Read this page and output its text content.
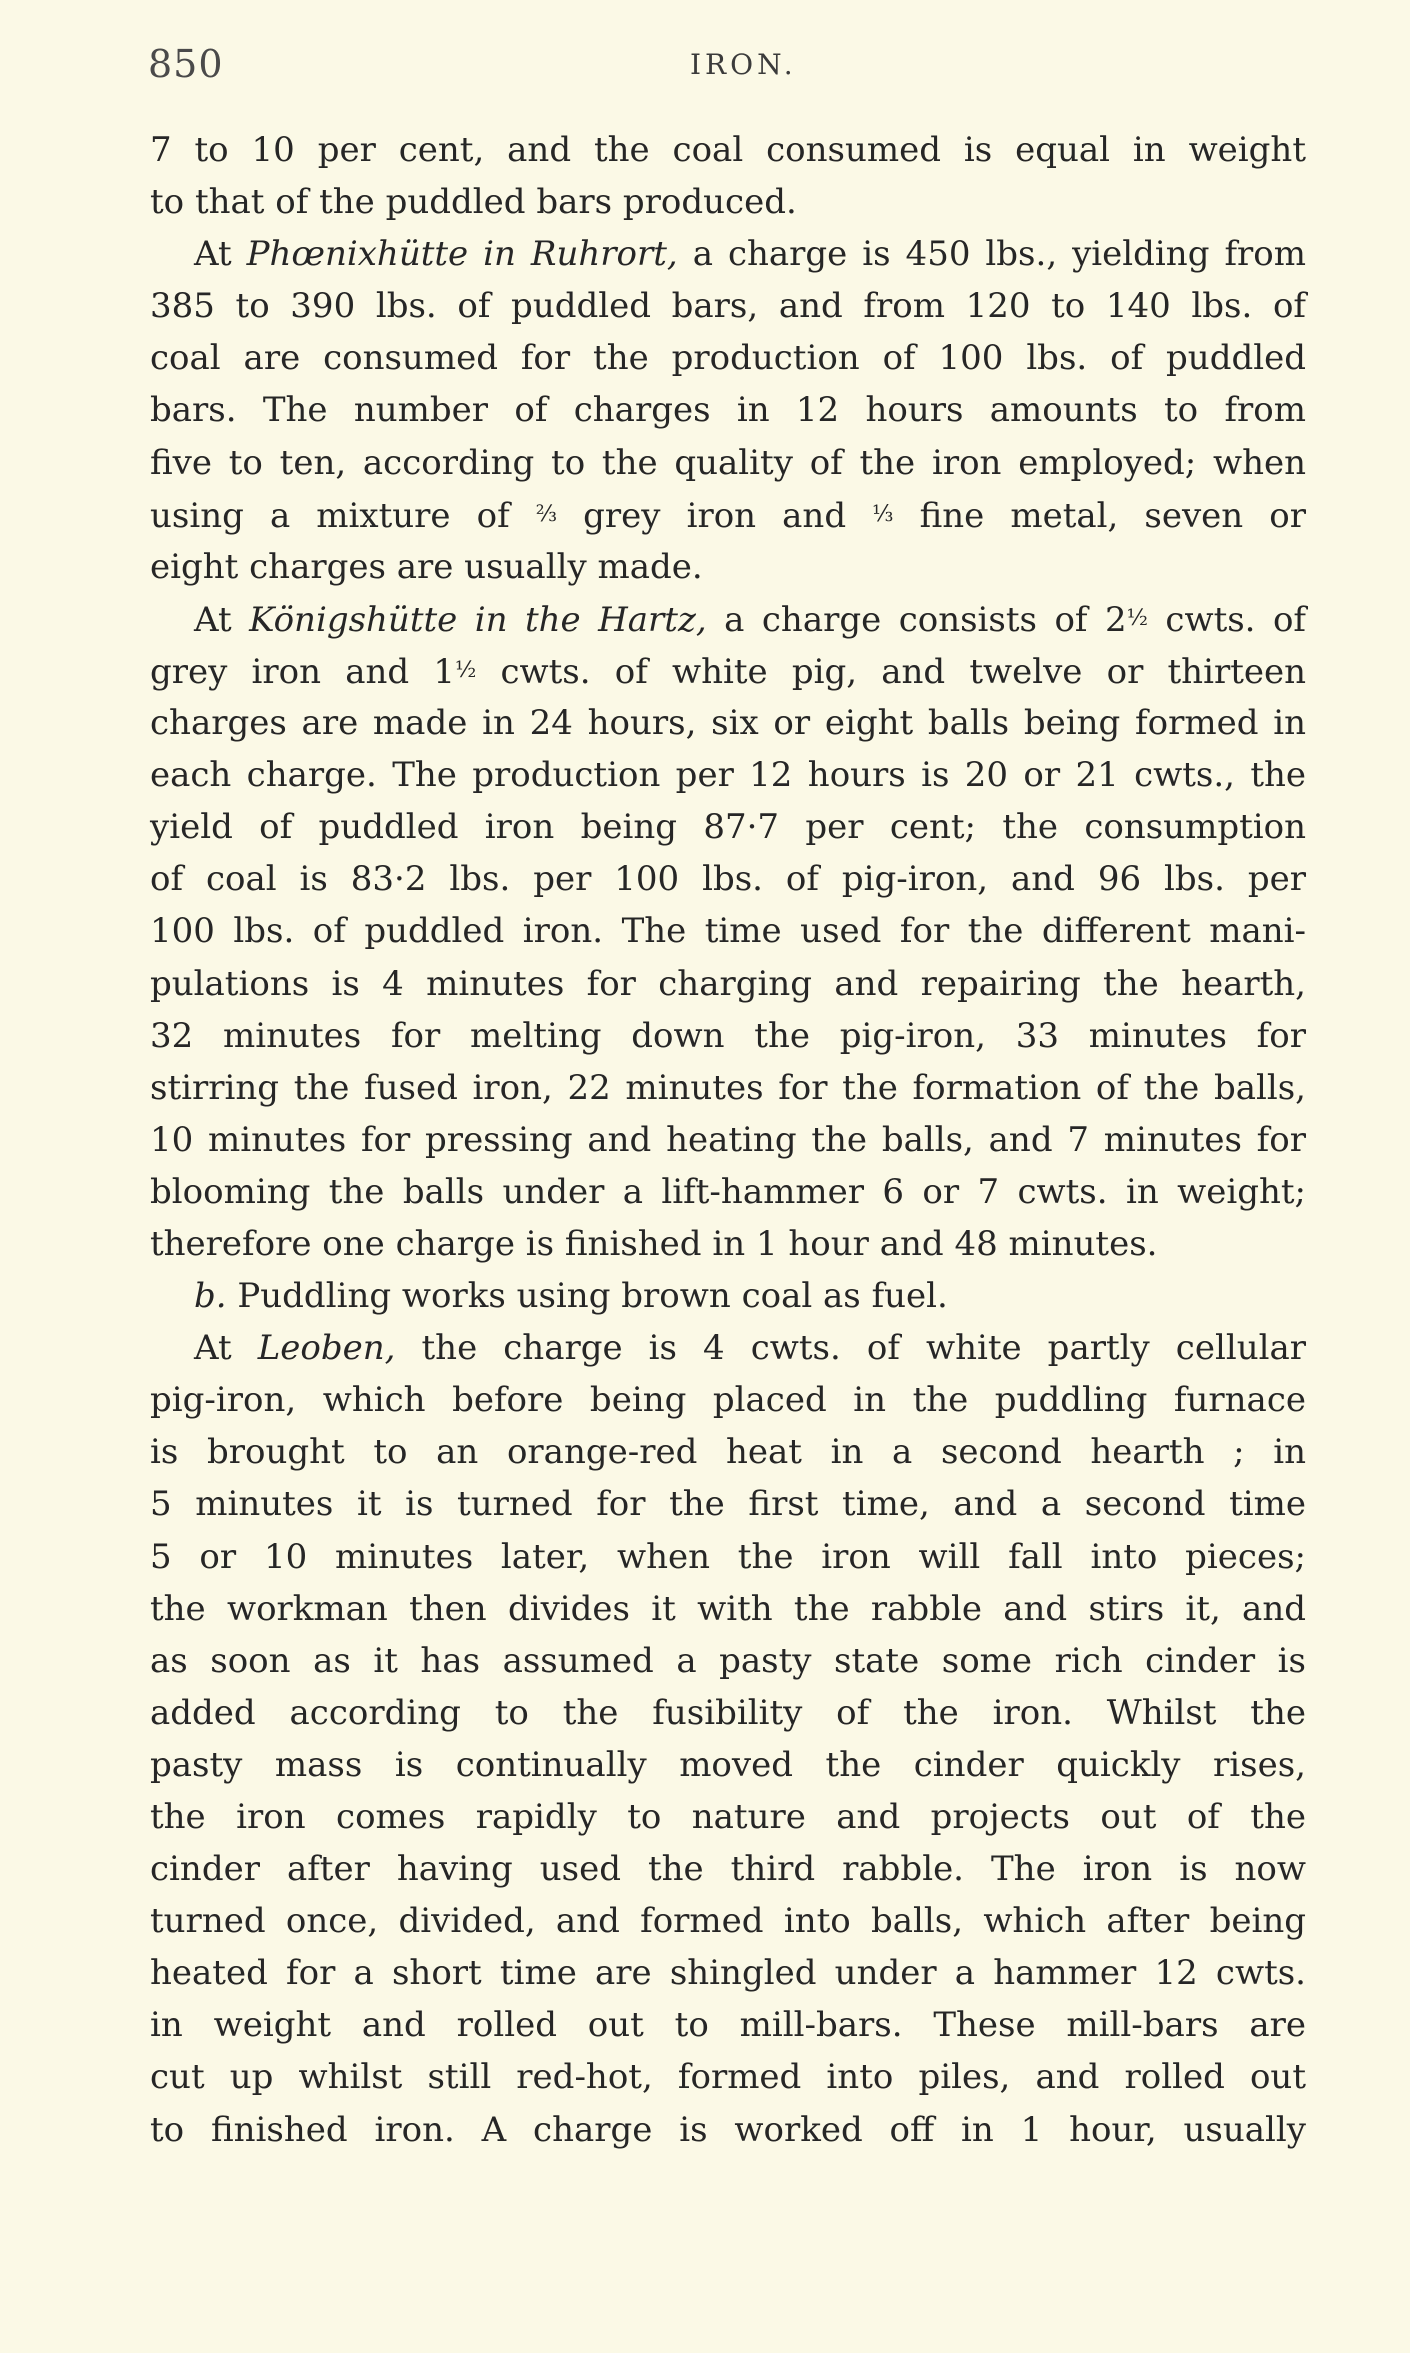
850	IRON.
7 to 10 per cent, and the coal consumed is equal in weight
to that of the puddled bars produced.
At Phœnixhütte in Ruhrort, a charge is 450 lbs., yielding from
385 to 390 lbs. of puddled bars, and from 120 to 140 lbs. of
coal are consumed for the production of 100 lbs. of puddled
bars. The number of charges in 12 hours amounts to from
five to ten, according to the quality of the iron employed; when
using a mixture of ⅔ grey iron and ⅓ fine metal, seven or
eight charges are usually made.
At Königshütte in the Hartz, a charge consists of 2½ cwts. of
grey iron and 1½ cwts. of white pig, and twelve or thirteen
charges are made in 24 hours, six or eight balls being formed in
each charge. The production per 12 hours is 20 or 21 cwts., the
yield of puddled iron being 87·7 per cent; the consumption
of coal is 83·2 lbs. per 100 lbs. of pig-iron, and 96 lbs. per
100 lbs. of puddled iron. The time used for the different mani-
pulations is 4 minutes for charging and repairing the hearth,
32 minutes for melting down the pig-iron, 33 minutes for
stirring the fused iron, 22 minutes for the formation of the balls,
10 minutes for pressing and heating the balls, and 7 minutes for
blooming the balls under a lift-hammer 6 or 7 cwts. in weight;
therefore one charge is finished in 1 hour and 48 minutes.
b. Puddling works using brown coal as fuel.
At Leoben, the charge is 4 cwts. of white partly cellular
pig-iron, which before being placed in the puddling furnace
is brought to an orange-red heat in a second hearth ; in
5 minutes it is turned for the first time, and a second time
5 or 10 minutes later, when the iron will fall into pieces;
the workman then divides it with the rabble and stirs it, and
as soon as it has assumed a pasty state some rich cinder is
added according to the fusibility of the iron. Whilst the
pasty mass is continually moved the cinder quickly rises,
the iron comes rapidly to nature and projects out of the
cinder after having used the third rabble. The iron is now
turned once, divided, and formed into balls, which after being
heated for a short time are shingled under a hammer 12 cwts.
in weight and rolled out to mill-bars. These mill-bars are
cut up whilst still red-hot, formed into piles, and rolled out
to finished iron. A charge is worked off in 1 hour, usually
